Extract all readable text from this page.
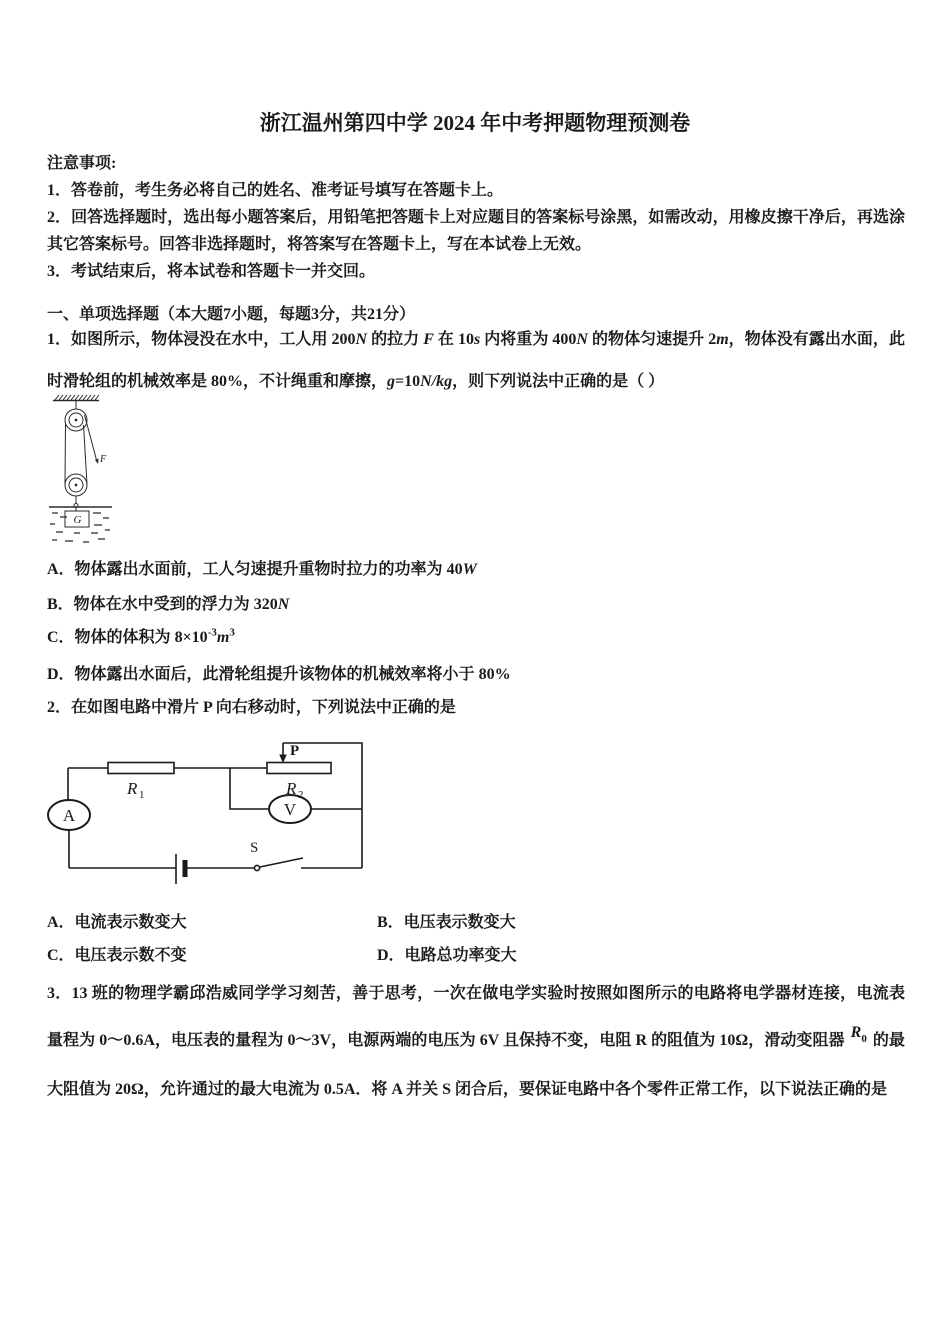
浙江温州第四中学 2024 年中考押题物理预测卷
注意事项:
1．答卷前，考生务必将自己的姓名、准考证号填写在答题卡上。
2．回答选择题时，选出每小题答案后，用铅笔把答题卡上对应题目的答案标号涂黑，如需改动，用橡皮擦干净后，再选涂其它答案标号。回答非选择题时，将答案写在答题卡上，写在本试卷上无效。
3．考试结束后，将本试卷和答题卡一并交回。
一、单项选择题（本大题7小题，每题3分，共21分）
1．如图所示，物体浸没在水中，工人用 200N 的拉力 F 在 10s 内将重为 400N 的物体匀速提升 2m，物体没有露出水面，此时滑轮组的机械效率是 80%，不计绳重和摩擦，g=10N/kg，则下列说法中正确的是（ ）
F
G
A．物体露出水面前，工人匀速提升重物时拉力的功率为 40W
B．物体在水中受到的浮力为 320N
C．物体的体积为 $8\times 10^{-3}m^3$
D．物体露出水面后，此滑轮组提升该物体的机械效率将小于 80%
2．在如图电路中滑片 P 向右移动时，下列说法中正确的是
A	V
R 1	R 2
P
S
A．电流表示数变大	B．电压表示数变大
C．电压表示数不变	D．电路总功率变大
3．13 班的物理学霸邱浩威同学学习刻苦，善于思考，一次在做电学实验时按照如图所示的电路将电学器材连接，电流表量程为 0～0.6A，电压表的量程为 0～3V，电源两端的电压为 6V 且保持不变，电阻 R 的阻值为 10Ω，滑动变阻器 R0 的最大阻值为 20Ω，允许通过的最大电流为 0.5A．将 A 并关 S 闭合后，要保证电路中各个零件正常工作，以下说法正确的是
